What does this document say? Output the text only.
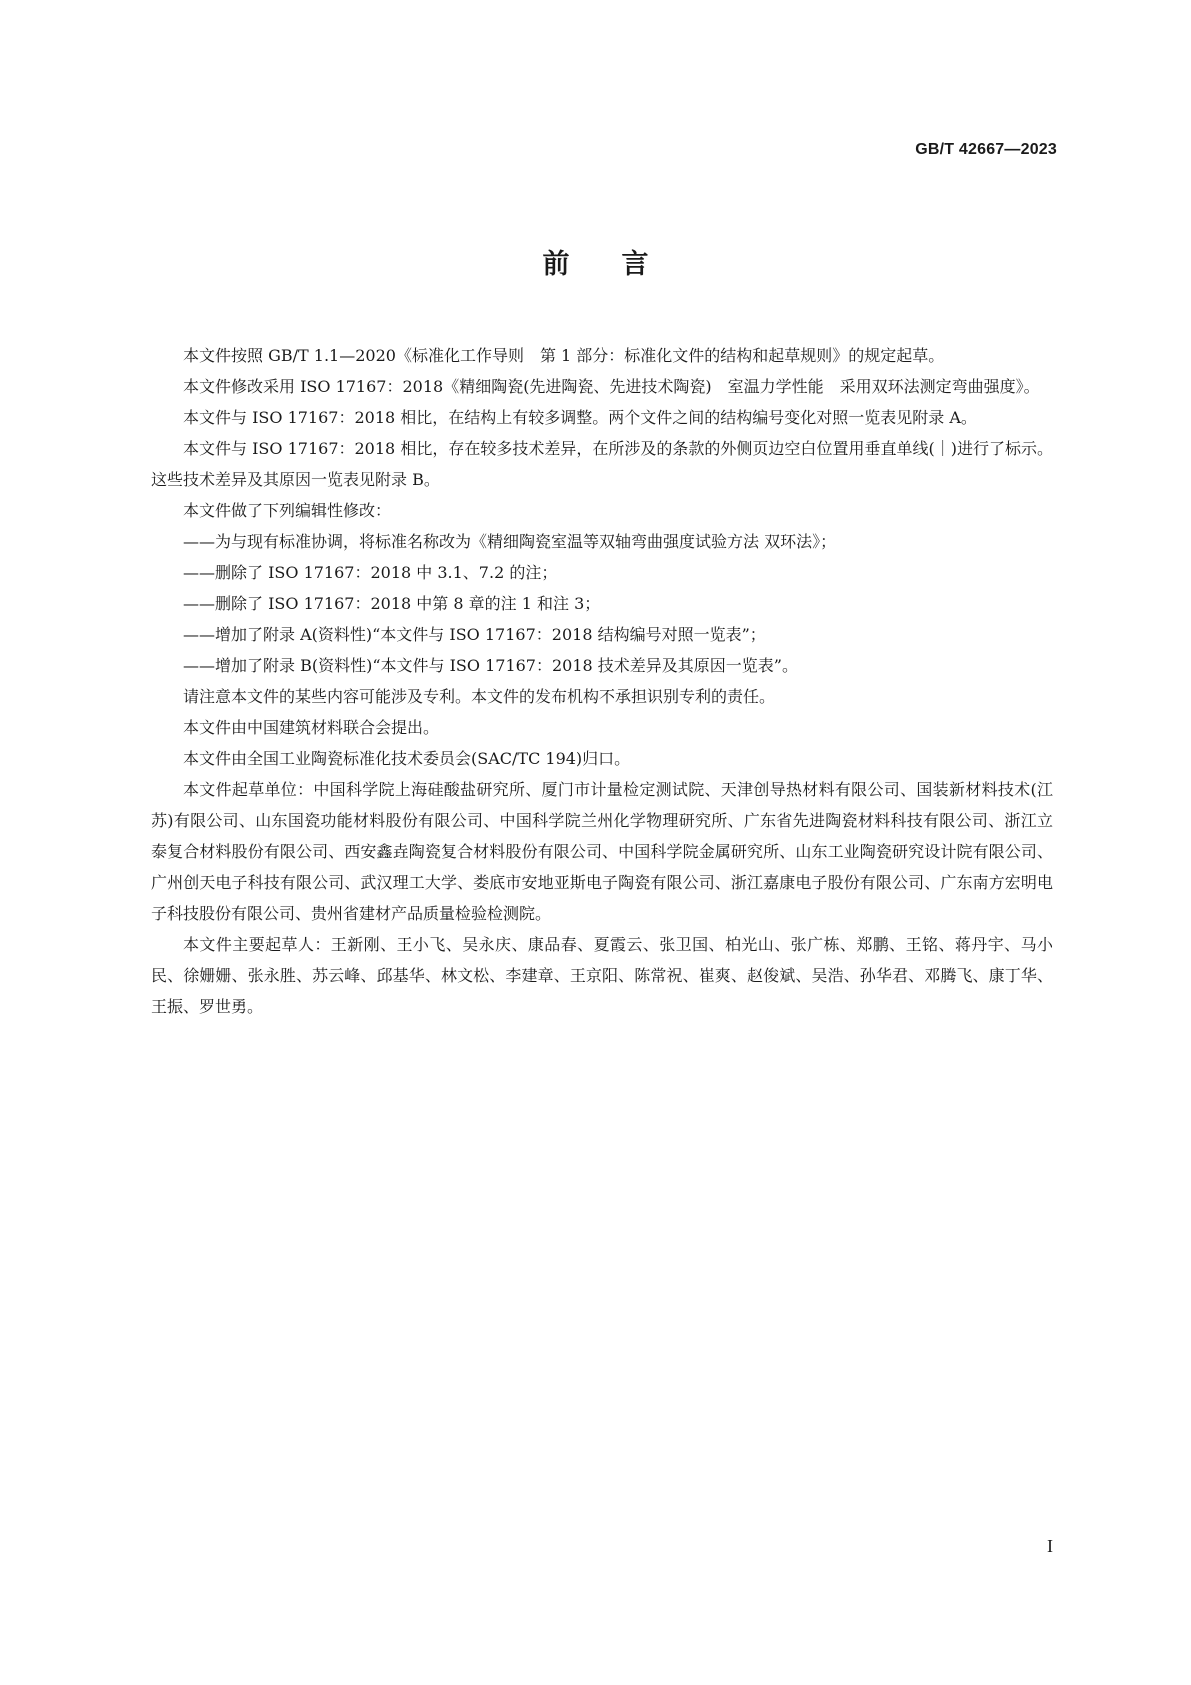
GB/T 42667—2023
前言

本文件按照 GB/T 1.1—2020《标准化工作导则　第 1 部分：标准化文件的结构和起草规则》的规定起草。

本文件修改采用 ISO 17167：2018《精细陶瓷(先进陶瓷、先进技术陶瓷)　室温力学性能　采用双环法测定弯曲强度》。

本文件与 ISO 17167：2018 相比，在结构上有较多调整。两个文件之间的结构编号变化对照一览表见附录 A。

本文件与 ISO 17167：2018 相比，存在较多技术差异，在所涉及的条款的外侧页边空白位置用垂直单线(｜)进行了标示。这些技术差异及其原因一览表见附录 B。

本文件做了下列编辑性修改：

——为与现有标准协调，将标准名称改为《精细陶瓷室温等双轴弯曲强度试验方法 双环法》；

——删除了 ISO 17167：2018 中 3.1、7.2 的注；

——删除了 ISO 17167：2018 中第 8 章的注 1 和注 3；

——增加了附录 A(资料性)“本文件与 ISO 17167：2018 结构编号对照一览表”；

——增加了附录 B(资料性)“本文件与 ISO 17167：2018 技术差异及其原因一览表”。

请注意本文件的某些内容可能涉及专利。本文件的发布机构不承担识别专利的责任。

本文件由中国建筑材料联合会提出。

本文件由全国工业陶瓷标准化技术委员会(SAC/TC 194)归口。

本文件起草单位：中国科学院上海硅酸盐研究所、厦门市计量检定测试院、天津创导热材料有限公司、国装新材料技术(江苏)有限公司、山东国瓷功能材料股份有限公司、中国科学院兰州化学物理研究所、广东省先进陶瓷材料科技有限公司、浙江立泰复合材料股份有限公司、西安鑫垚陶瓷复合材料股份有限公司、中国科学院金属研究所、山东工业陶瓷研究设计院有限公司、广州创天电子科技有限公司、武汉理工大学、娄底市安地亚斯电子陶瓷有限公司、浙江嘉康电子股份有限公司、广东南方宏明电子科技股份有限公司、贵州省建材产品质量检验检测院。

本文件主要起草人：王新刚、王小飞、吴永庆、康品春、夏霞云、张卫国、柏光山、张广栋、郑鹏、王铭、蒋丹宇、马小民、徐姗姗、张永胜、苏云峰、邱基华、林文松、李建章、王京阳、陈常祝、崔爽、赵俊斌、吴浩、孙华君、邓腾飞、康丁华、王振、罗世勇。

I
